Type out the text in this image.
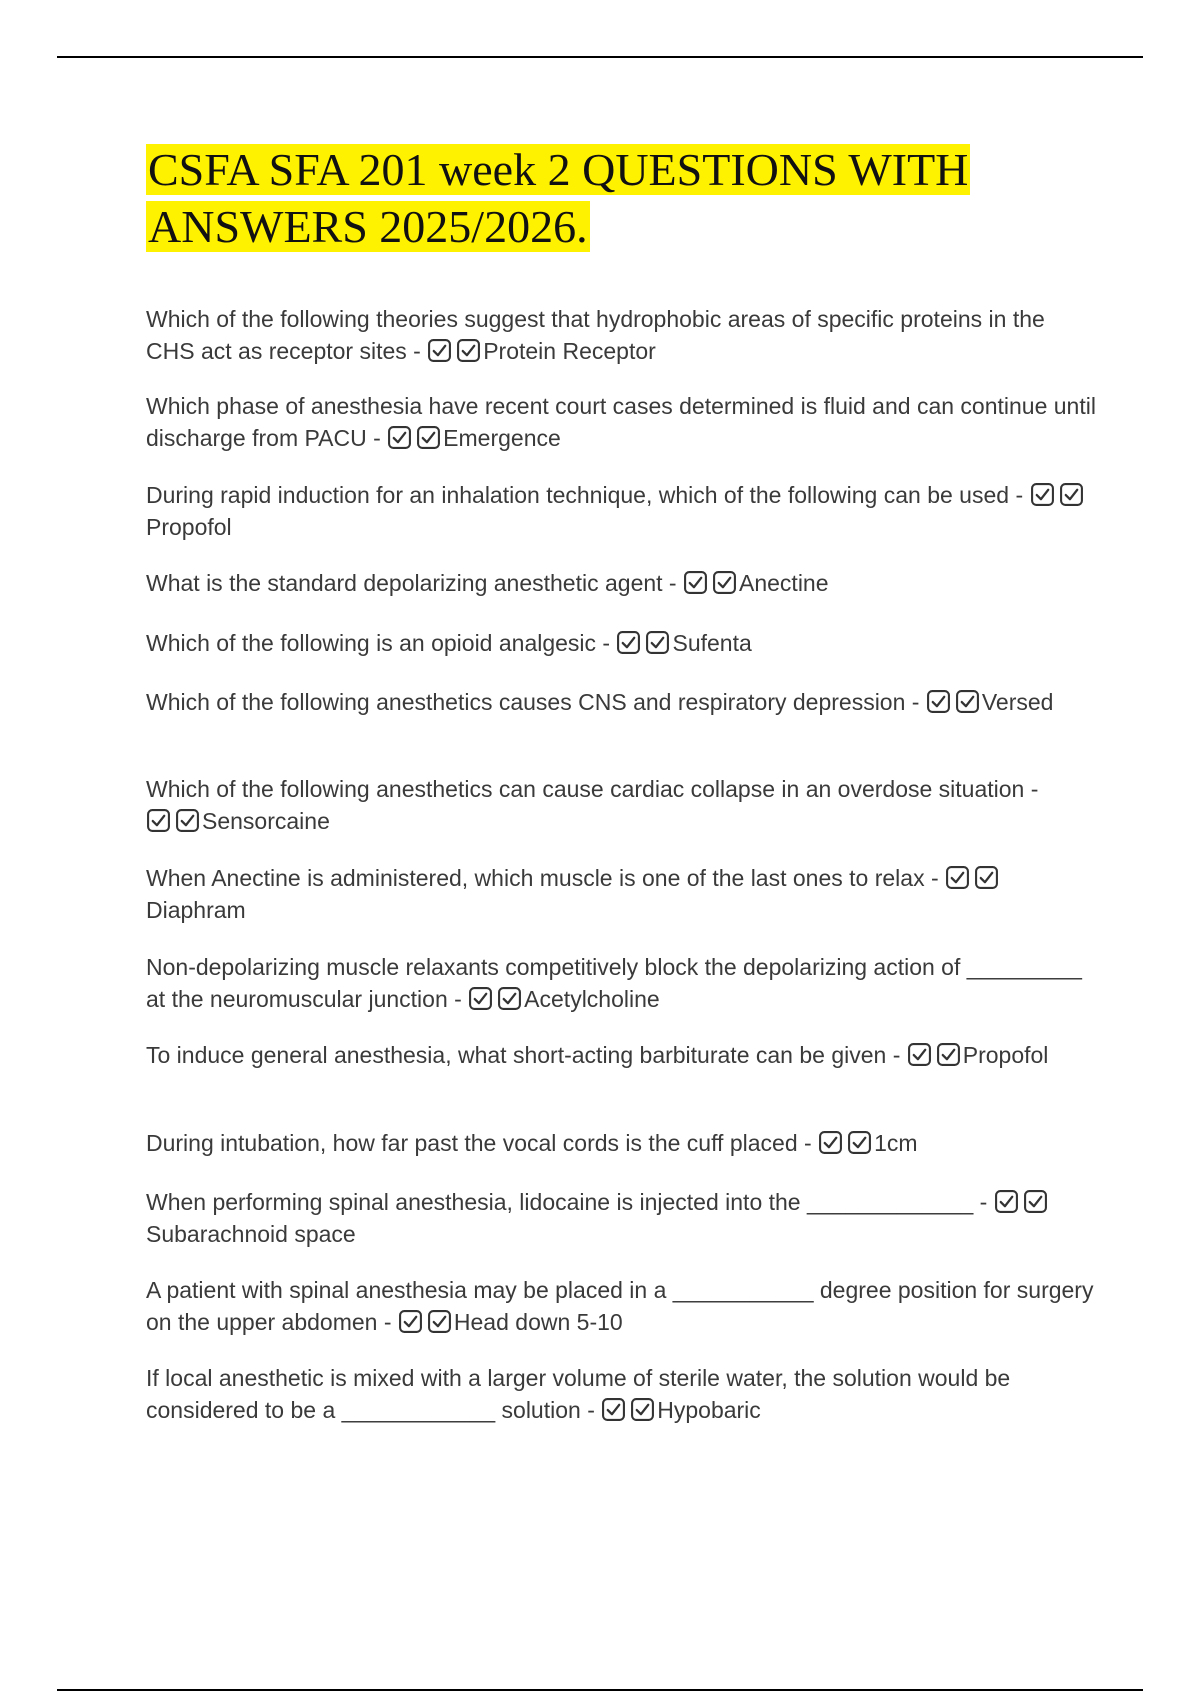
CSFA SFA 201 week 2 QUESTIONS WITH ANSWERS 2025/2026.

Which of the following theories suggest that hydrophobic areas of specific proteins in the CHS act as receptor sites -	Protein Receptor

Which phase of anesthesia have recent court cases determined is fluid and can continue until discharge from PACU -	Emergence

During rapid induction for an inhalation technique, which of the following can be used -
Propofol

What is the standard depolarizing anesthetic agent -	Anectine

Which of the following is an opioid analgesic -	Sufenta

Which of the following anesthetics causes CNS and respiratory depression -	Versed

Which of the following anesthetics can cause cardiac collapse in an overdose situation -
Sensorcaine

When Anectine is administered, which muscle is one of the last ones to relax -
Diaphram

Non-depolarizing muscle relaxants competitively block the depolarizing action of _________ at the neuromuscular junction -	Acetylcholine

To induce general anesthesia, what short-acting barbiturate can be given -	Propofol

During intubation, how far past the vocal cords is the cuff placed -	1cm

When performing spinal anesthesia, lidocaine is injected into the _____________ -
Subarachnoid space

A patient with spinal anesthesia may be placed in a ___________ degree position for surgery on the upper abdomen -	Head down 5-10

If local anesthetic is mixed with a larger volume of sterile water, the solution would be considered to be a ____________ solution -	Hypobaric
